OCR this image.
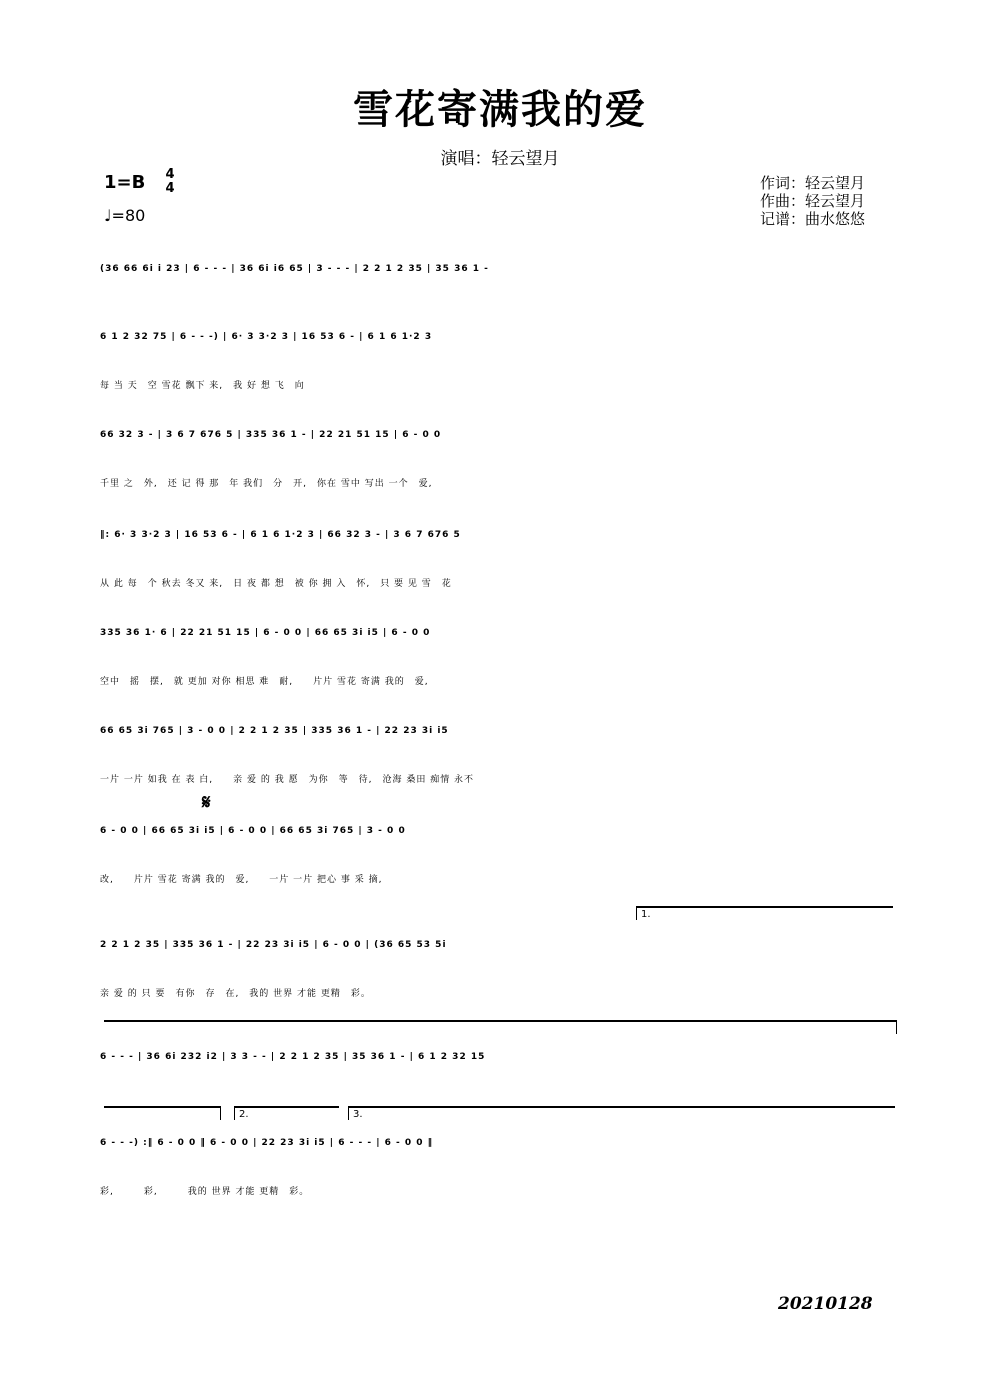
雪花寄满我的爱
演唱：轻云望月
1=B	4
4
♩=80
作词：轻云望月
作曲：轻云望月
记谱：曲水悠悠
(36 66 6i i 23 | 6 - - - | 36 6i i6 65 | 3 - - - | 2 2 1 2 35 | 35 36 1 -
6 1 2 32 75 | 6 - - -) | 6· 3 3·2 3 | 16 53 6 - | 6 1 6 1·2 3
每 当 天　空 雪花 飘下 来,　我 好 想 飞　向
66 32 3 - | 3 6 7 676 5 | 335 36 1 - | 22 21 51 15 | 6 - 0 0
千里 之　外,　还 记 得 那　年 我们　分　开,　你在 雪中 写出 一个　爱,
‖: 6· 3 3·2 3 | 16 53 6 - | 6 1 6 1·2 3 | 66 32 3 - | 3 6 7 676 5
从 此 每　个 秋去 冬又 来,　日 夜 都 想　被 你 拥 入　怀,　只 要 见 雪　花
335 36 1· 6 | 22 21 51 15 | 6 - 0 0 | 66 65 3i i5 | 6 - 0 0
空中　摇　摆,　就 更加 对你 相思 难　耐,　　片片 雪花 寄满 我的　爱,
66 65 3i 765 | 3 - 0 0 | 2 2 1 2 35 | 335 36 1 - | 22 23 3i i5
一片 一片 如我 在 表 白,　　亲 爱 的 我 愿　为你　等　待,　沧海 桑田 痴情 永不
𝄋
6 - 0 0 | 66 65 3i i5 | 6 - 0 0 | 66 65 3i 765 | 3 - 0 0
改,　　片片 雪花 寄满 我的　爱,　　一片 一片 把心 事 采 摘,
1.
2 2 1 2 35 | 335 36 1 - | 22 23 3i i5 | 6 - 0 0 | (36 65 53 5i
亲 爱 的 只 要　有你　存　在,　我的 世界 才能 更精　彩。
6 - - - | 36 6i 232 i2 | 3 3 - - | 2 2 1 2 35 | 35 36 1 - | 6 1 2 32 15
2.	3.
6 - - -) :‖ 6 - 0 0 ‖ 6 - 0 0 | 22 23 3i i5 | 6 - - - | 6 - 0 0 ‖
彩,　　　彩,　　　我的 世界 才能 更精　彩。
20210128
